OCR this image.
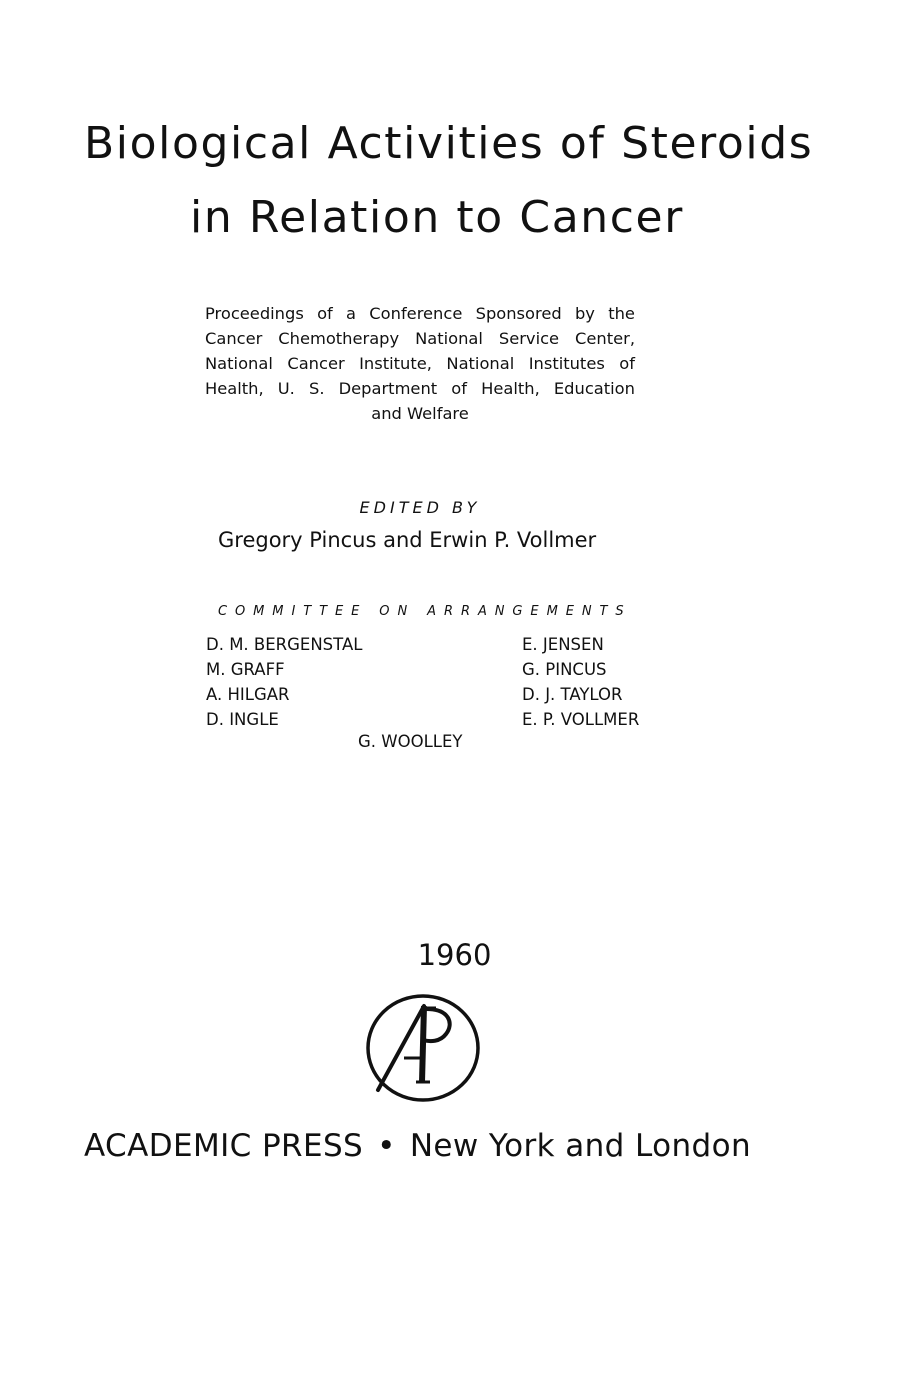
Biological Activities of Steroids
in Relation to Cancer
Proceedings of a Conference Sponsored by the
Cancer Chemotherapy National Service Center,
National Cancer Institute, National Institutes of
Health, U. S. Department of Health, Education
and Welfare
EDITED BY
Gregory Pincus and Erwin P. Vollmer
C O M M I T T E E
O N
A R R A N G E M E N T S
D. M. BERGENSTAL
M. GRAFF
A. HILGAR
D. INGLE
E. JENSEN
G. PINCUS
D. J. TAYLOR
E. P. VOLLMER
G. WOOLLEY
1960
ACADEMIC PRESS • New York and London
